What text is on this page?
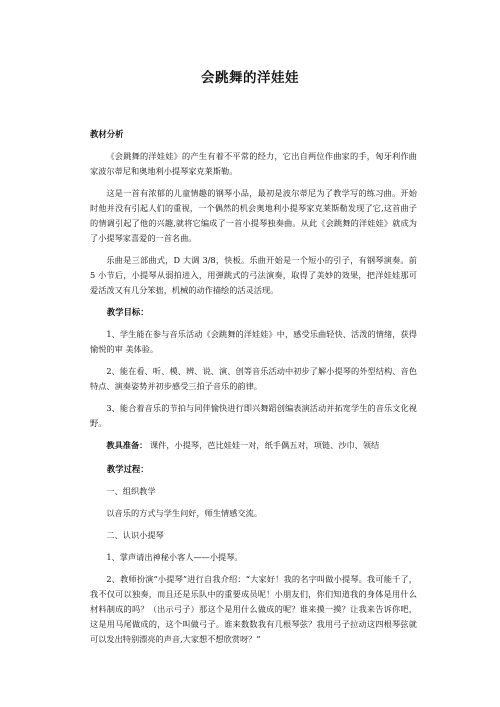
会跳舞的洋娃娃

教材分析

《会跳舞的洋娃娃》的产生有着不平常的经力，它出自两位作曲家的手，匈牙利作曲家波尔蒂尼和奥地利小提琴家克莱斯勒。

这是一首有浓郁的儿童情趣的钢琴小品，最初是波尔蒂尼为了教学写的练习曲。开始时他并没有引起人们的重视，一个偶然的机会奥地利小提琴家克莱斯勒发现了它,这首曲子的情调引起了他的兴趣,就将它编成了一首小提琴独奏曲。从此《会跳舞的洋娃娃》就成为了小提琴家喜爱的一首名曲。

乐曲是三部曲式，D 大调 3/8，快板。乐曲开始是一个短小的引子，有钢琴演奏。前 5 小节后，小提琴从弱拍进入，用弹跳式的弓法演奏，取得了美妙的效果，把洋娃娃那可爱活泼又有几分笨拙，机械的动作描绘的活灵活现。

教学目标：

1、学生能在参与音乐活动《会跳舞的洋娃娃》中，感受乐曲轻快、活泼的情绪，获得愉悦的审 美体验。

2、能在看、听、模、辨、说、演、创等音乐活动中初步了解小提琴的外型结构、音色特点、演奏姿势并初步感受三拍子音乐的韵律。

3、能合着音乐的节拍与同伴愉快进行即兴舞蹈创编表演活动并拓宽学生的音乐文化视野。

教具准备： 课件，小提琴，芭比娃娃一对，纸手偶五对，项链、沙巾、领结

教学过程：

一、组织教学

以音乐的方式与学生问好，师生情感交流。

二、认识小提琴

1、掌声请出神秘小客人——小提琴。

2、教师扮演“小提琴”进行自我介绍：“大家好！我的名字叫做小提琴。我可能千了，我不仅可以独奏，而且还是乐队中的重要成员呢！小朋友们，你们知道我的身体是用什么材料制成的吗？（出示弓子）那这个是用什么做成的呢？谁来摸一摸？让我来告诉你吧，这是用马尾做成的，这个叫做弓子。谁来数数我有几根琴弦？我用弓子拉动这四根琴弦就可以发出特别漂亮的声音,大家想不想欣赏呀？”
